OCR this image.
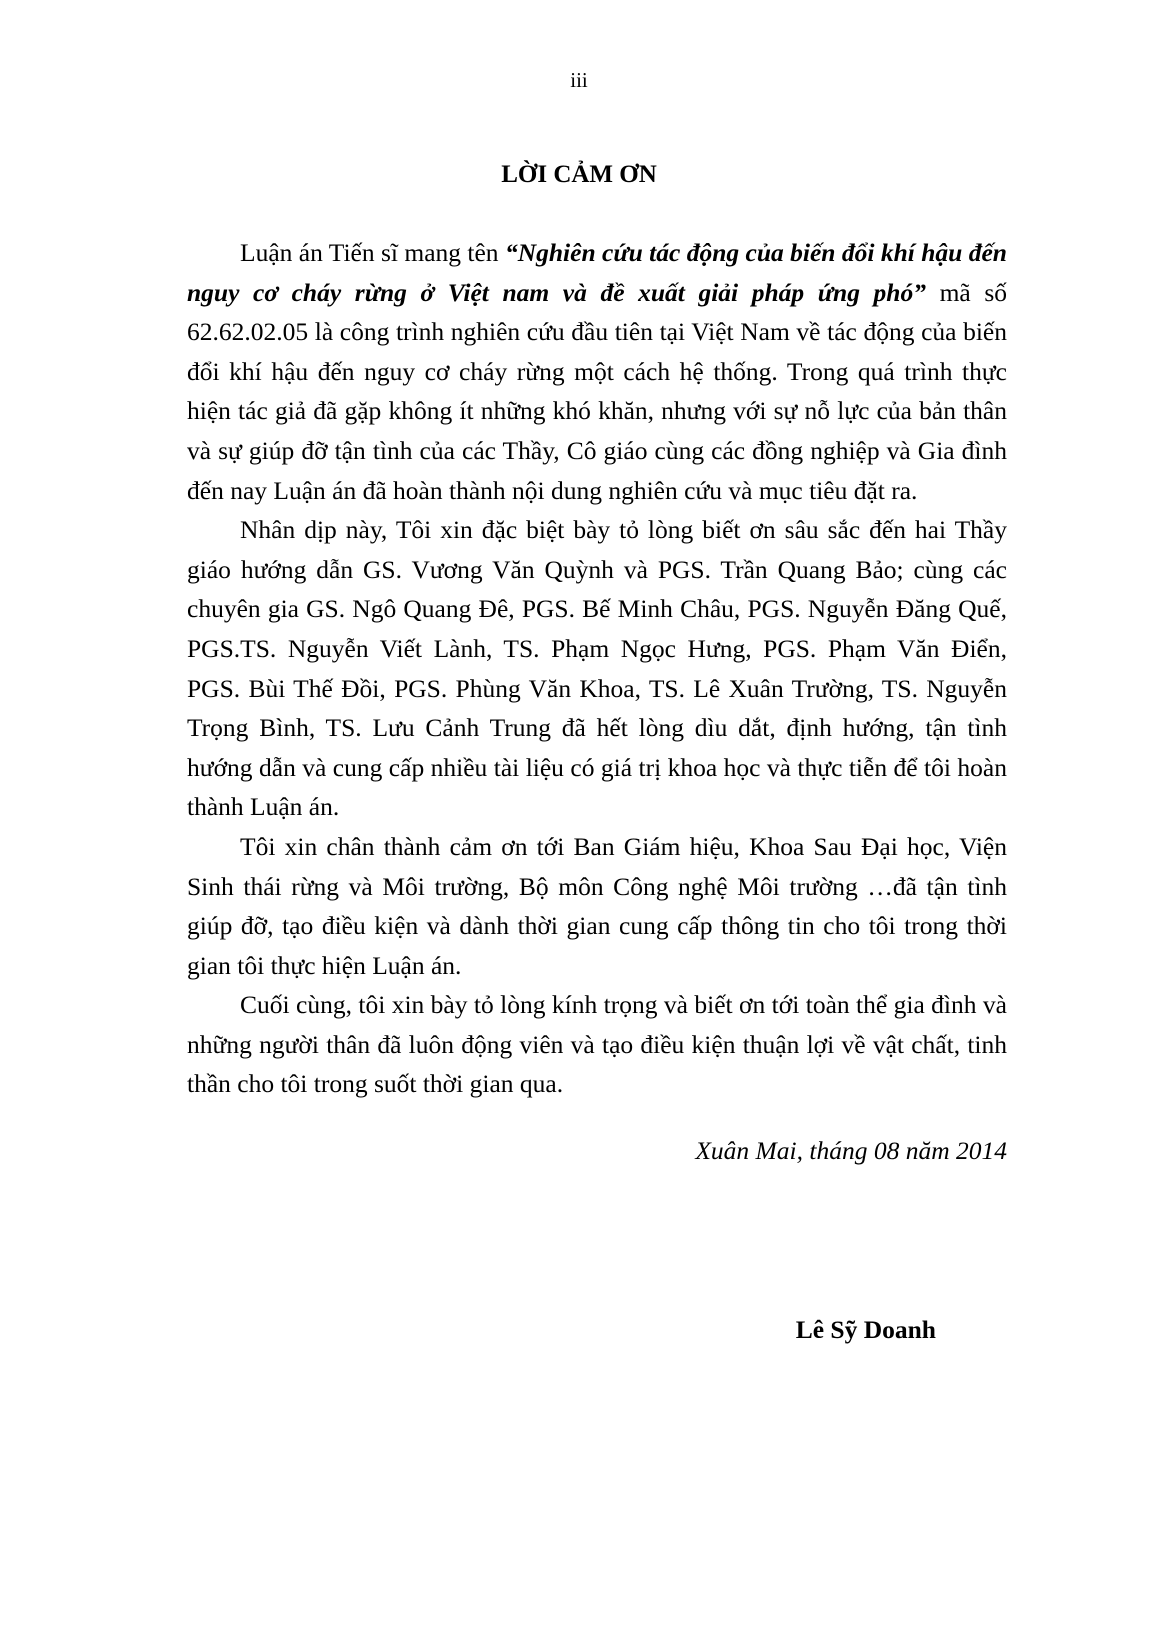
iii
LỜI CẢM ƠN

Luận án Tiến sĩ mang tên “Nghiên cứu tác động của biến đổi khí hậu đến nguy cơ cháy rừng ở Việt nam và đề xuất giải pháp ứng phó” mã số 62.62.02.05 là công trình nghiên cứu đầu tiên tại Việt Nam về tác động của biến đổi khí hậu đến nguy cơ cháy rừng một cách hệ thống. Trong quá trình thực hiện tác giả đã gặp không ít những khó khăn, nhưng với sự nỗ lực của bản thân và sự giúp đỡ tận tình của các Thầy, Cô giáo cùng các đồng nghiệp và Gia đình đến nay Luận án đã hoàn thành nội dung nghiên cứu và mục tiêu đặt ra.

Nhân dịp này, Tôi xin đặc biệt bày tỏ lòng biết ơn sâu sắc đến hai Thầy giáo hướng dẫn GS. Vương Văn Quỳnh và PGS. Trần Quang Bảo; cùng các chuyên gia GS. Ngô Quang Đê, PGS. Bế Minh Châu, PGS. Nguyễn Đăng Quế, PGS.TS. Nguyễn Viết Lành, TS. Phạm Ngọc Hưng, PGS. Phạm Văn Điển, PGS. Bùi Thế Đồi, PGS. Phùng Văn Khoa, TS. Lê Xuân Trường, TS. Nguyễn Trọng Bình, TS. Lưu Cảnh Trung đã hết lòng dìu dắt, định hướng, tận tình hướng dẫn và cung cấp nhiều tài liệu có giá trị khoa học và thực tiễn để tôi hoàn thành Luận án.

Tôi xin chân thành cảm ơn tới Ban Giám hiệu, Khoa Sau Đại học, Viện Sinh thái rừng và Môi trường, Bộ môn Công nghệ Môi trường …đã tận tình giúp đỡ, tạo điều kiện và dành thời gian cung cấp thông tin cho tôi trong thời gian tôi thực hiện Luận án.

Cuối cùng, tôi xin bày tỏ lòng kính trọng và biết ơn tới toàn thể gia đình và những người thân đã luôn động viên và tạo điều kiện thuận lợi về vật chất, tinh thần cho tôi trong suốt thời gian qua.

Xuân Mai, tháng 08 năm 2014
Lê Sỹ Doanh
